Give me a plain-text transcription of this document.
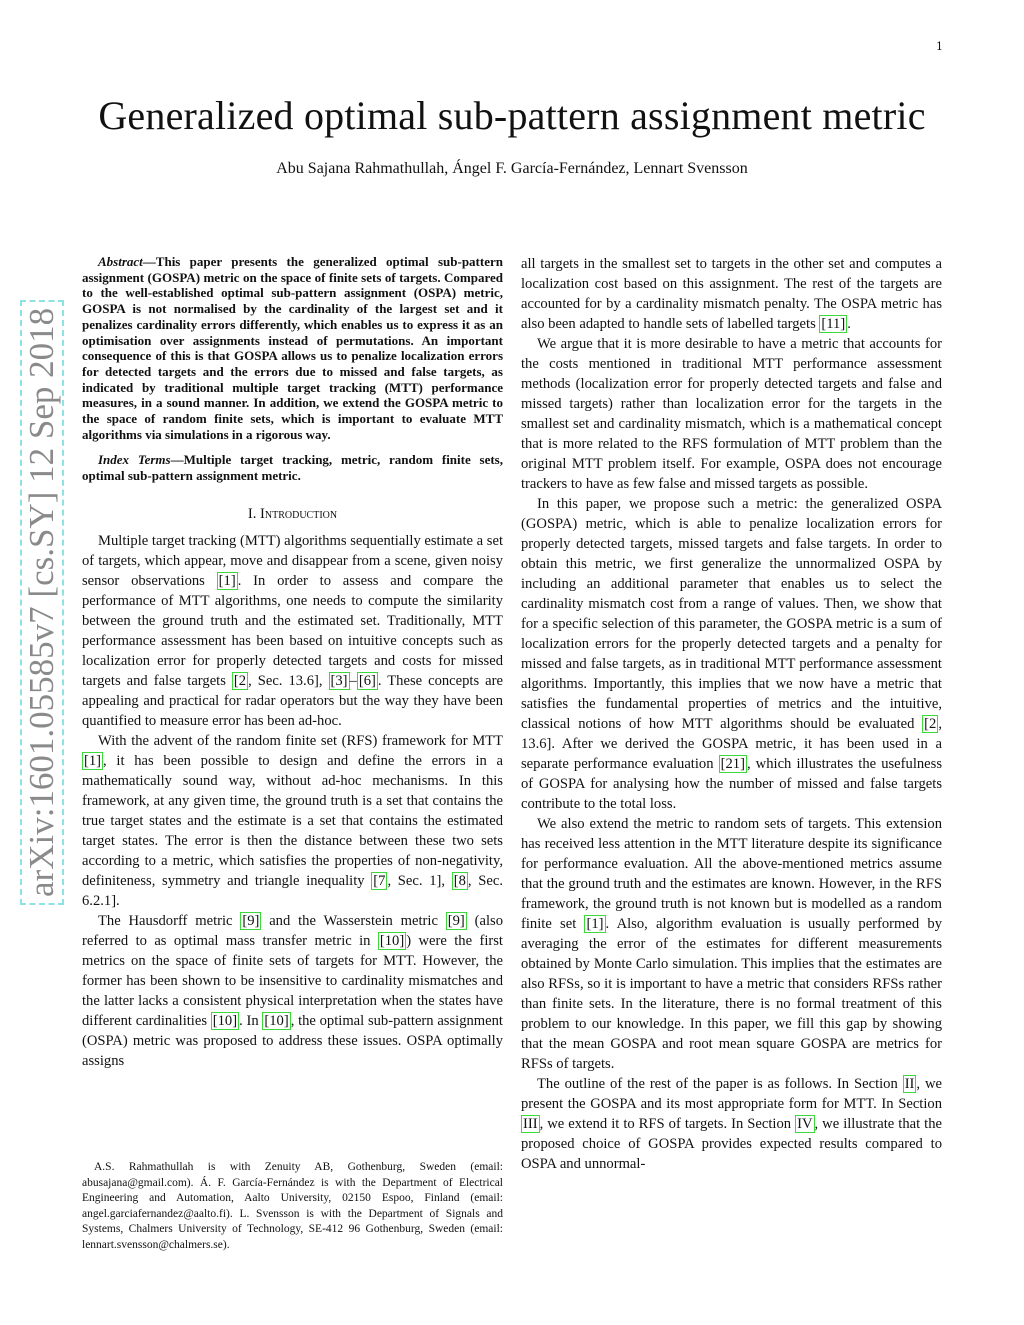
1
Generalized optimal sub-pattern assignment metric
Abu Sajana Rahmathullah, Ángel F. García-Fernández, Lennart Svensson
arXiv:1601.05585v7 [cs.SY] 12 Sep 2018

Abstract—This paper presents the generalized optimal sub-pattern assignment (GOSPA) metric on the space of finite sets of targets. Compared to the well-established optimal sub-pattern assignment (OSPA) metric, GOSPA is not normalised by the cardinality of the largest set and it penalizes cardinality errors differently, which enables us to express it as an optimisation over assignments instead of permutations. An important consequence of this is that GOSPA allows us to penalize localization errors for detected targets and the errors due to missed and false targets, as indicated by traditional multiple target tracking (MTT) performance measures, in a sound manner. In addition, we extend the GOSPA metric to the space of random finite sets, which is important to evaluate MTT algorithms via simulations in a rigorous way.

Index Terms—Multiple target tracking, metric, random finite sets, optimal sub-pattern assignment metric.

I. Introduction

Multiple target tracking (MTT) algorithms sequentially estimate a set of targets, which appear, move and disappear from a scene, given noisy sensor observations [1] . In order to assess and compare the performance of MTT algorithms, one needs to compute the similarity between the ground truth and the estimated set. Traditionally, MTT performance assessment has been based on intuitive concepts such as localization error for properly detected targets and costs for missed targets and false targets [2 , Sec. 13.6], [3] – [6] . These concepts are appealing and practical for radar operators but the way they have been quantified to measure error has been ad-hoc.

With the advent of the random finite set (RFS) framework for MTT [1] , it has been possible to design and define the errors in a mathematically sound way, without ad-hoc mechanisms. In this framework, at any given time, the ground truth is a set that contains the true target states and the estimate is a set that contains the estimated target states. The error is then the distance between these two sets according to a metric, which satisfies the properties of non-negativity, definiteness, symmetry and triangle inequality [7 , Sec. 1], [8 , Sec. 6.2.1].

The Hausdorff metric [9] and the Wasserstein metric [9] (also referred to as optimal mass transfer metric in [10] ) were the first metrics on the space of finite sets of targets for MTT. However, the former has been shown to be insensitive to cardinality mismatches and the latter lacks a consistent physical interpretation when the states have different cardinalities [10] . In [10] , the optimal sub-pattern assignment (OSPA) metric was proposed to address these issues. OSPA optimally assigns

A.S. Rahmathullah is with Zenuity AB, Gothenburg, Sweden (email: abusajana@gmail.com). Á. F. García-Fernández is with the Department of Electrical Engineering and Automation, Aalto University, 02150 Espoo, Finland (email: angel.garciafernandez@aalto.fi). L. Svensson is with the Department of Signals and Systems, Chalmers University of Technology, SE-412 96 Gothenburg, Sweden (email: lennart.svensson@chalmers.se).

all targets in the smallest set to targets in the other set and computes a localization cost based on this assignment. The rest of the targets are accounted for by a cardinality mismatch penalty. The OSPA metric has also been adapted to handle sets of labelled targets [11] .

We argue that it is more desirable to have a metric that accounts for the costs mentioned in traditional MTT performance assessment methods (localization error for properly detected targets and false and missed targets) rather than localization error for the targets in the smallest set and cardinality mismatch, which is a mathematical concept that is more related to the RFS formulation of MTT problem than the original MTT problem itself. For example, OSPA does not encourage trackers to have as few false and missed targets as possible.

In this paper, we propose such a metric: the generalized OSPA (GOSPA) metric, which is able to penalize localization errors for properly detected targets, missed targets and false targets. In order to obtain this metric, we first generalize the unnormalized OSPA by including an additional parameter that enables us to select the cardinality mismatch cost from a range of values. Then, we show that for a specific selection of this parameter, the GOSPA metric is a sum of localization errors for the properly detected targets and a penalty for missed and false targets, as in traditional MTT performance assessment algorithms. Importantly, this implies that we now have a metric that satisfies the fundamental properties of metrics and the intuitive, classical notions of how MTT algorithms should be evaluated [2 , 13.6]. After we derived the GOSPA metric, it has been used in a separate performance evaluation [21] , which illustrates the usefulness of GOSPA for analysing how the number of missed and false targets contribute to the total loss.

We also extend the metric to random sets of targets. This extension has received less attention in the MTT literature despite its significance for performance evaluation. All the above-mentioned metrics assume that the ground truth and the estimates are known. However, in the RFS framework, the ground truth is not known but is modelled as a random finite set [1] . Also, algorithm evaluation is usually performed by averaging the error of the estimates for different measurements obtained by Monte Carlo simulation. This implies that the estimates are also RFSs, so it is important to have a metric that considers RFSs rather than finite sets. In the literature, there is no formal treatment of this problem to our knowledge. In this paper, we fill this gap by showing that the mean GOSPA and root mean square GOSPA are metrics for RFSs of targets.

The outline of the rest of the paper is as follows. In Section II , we present the GOSPA and its most appropriate form for MTT. In Section III , we extend it to RFS of targets. In Section IV , we illustrate that the proposed choice of GOSPA provides expected results compared to OSPA and unnormal-
